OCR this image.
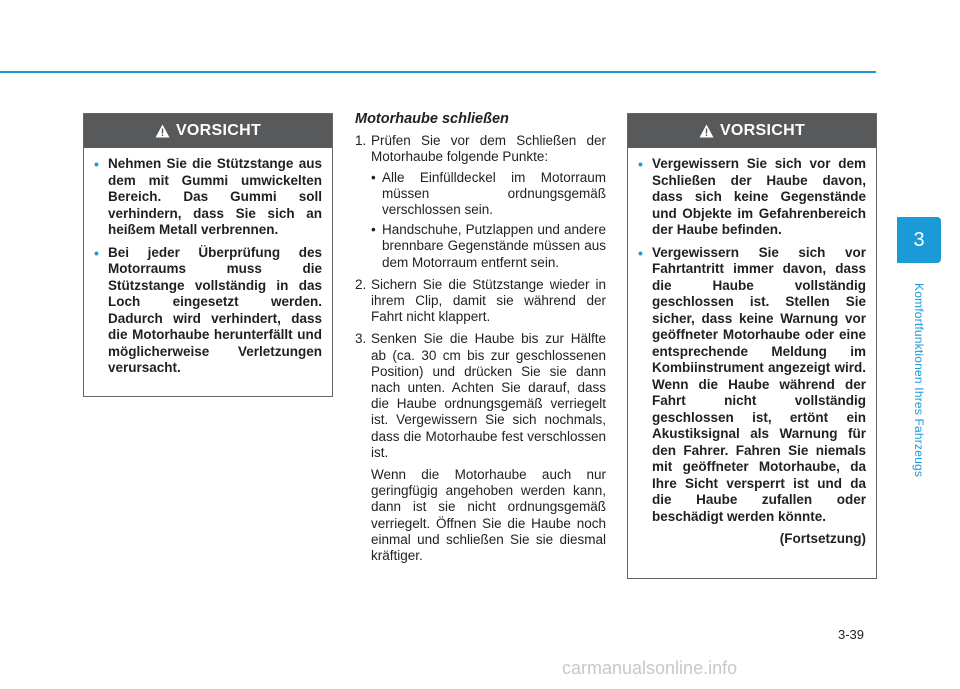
VORSICHT
• Nehmen Sie die Stützstange aus dem mit Gummi umwickelten Bereich. Das Gummi soll verhindern, dass Sie sich an heißem Metall verbrennen.
• Bei jeder Überprüfung des Motorraums muss die Stützstange vollständig in das Loch eingesetzt werden. Dadurch wird verhindert, dass die Motorhaube herunterfällt und möglicherweise Verletzungen verursacht.
Motorhaube schließen
1. Prüfen Sie vor dem Schließen der Motorhaube folgende Punkte:
• Alle Einfülldeckel im Motorraum müssen ordnungsgemäß verschlossen sein.
• Handschuhe, Putzlappen und andere brennbare Gegenstände müssen aus dem Motorraum entfernt sein.
2. Sichern Sie die Stützstange wieder in ihrem Clip, damit sie während der Fahrt nicht klappert.
3. Senken Sie die Haube bis zur Hälfte ab (ca. 30 cm bis zur geschlossenen Position) und drücken Sie sie dann nach unten. Achten Sie darauf, dass die Haube ordnungsgemäß verriegelt ist. Vergewissern Sie sich nochmals, dass die Motorhaube fest verschlossen ist.
Wenn die Motorhaube auch nur geringfügig angehoben werden kann, dann ist sie nicht ordnungsgemäß verriegelt. Öffnen Sie die Haube noch einmal und schließen Sie sie diesmal kräftiger.
VORSICHT
• Vergewissern Sie sich vor dem Schließen der Haube davon, dass sich keine Gegenstände und Objekte im Gefahrenbereich der Haube befinden.
• Vergewissern Sie sich vor Fahrtantritt immer davon, dass die Haube vollständig geschlossen ist. Stellen Sie sicher, dass keine Warnung vor geöffneter Motorhaube oder eine entsprechende Meldung im Kombiinstrument angezeigt wird. Wenn die Haube während der Fahrt nicht vollständig geschlossen ist, ertönt ein Akustiksignal als Warnung für den Fahrer. Fahren Sie niemals mit geöffneter Motorhaube, da Ihre Sicht versperrt ist und da die Haube zufallen oder beschädigt werden könnte.
(Fortsetzung)
3
Komfortfunktionen Ihres Fahrzeugs
3-39
carmanualsonline.info
